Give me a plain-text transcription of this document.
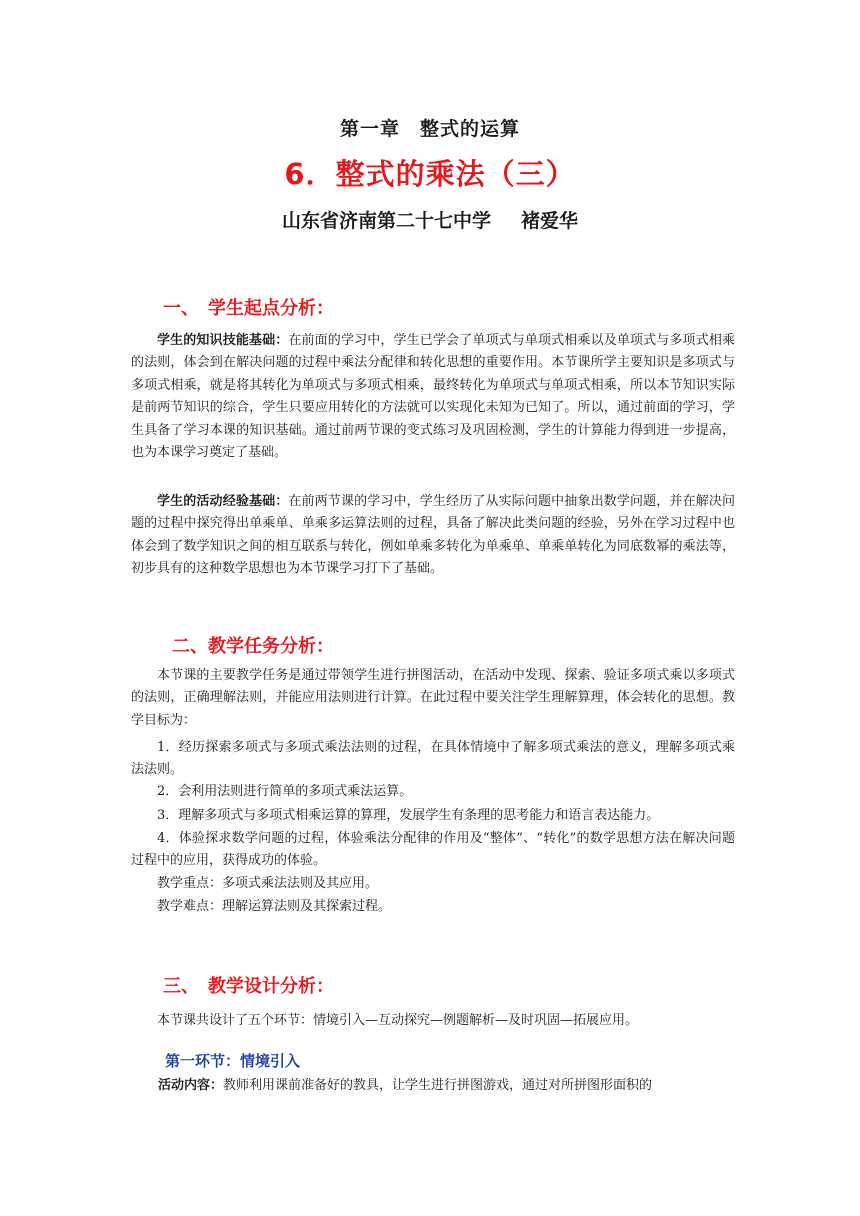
第一章　整式的运算
6．整式的乘法（三）
山东省济南第二十七中学 褚爱华
一、　学生起点分析：

学生的知识技能基础：在前面的学习中，学生已学会了单项式与单项式相乘以及单项式与多项式相乘的法则，体会到在解决问题的过程中乘法分配律和转化思想的重要作用。本节课所学主要知识是多项式与多项式相乘，就是将其转化为单项式与多项式相乘，最终转化为单项式与单项式相乘，所以本节知识实际是前两节知识的综合，学生只要应用转化的方法就可以实现化未知为已知了。所以，通过前面的学习，学生具备了学习本课的知识基础。通过前两节课的变式练习及巩固检测，学生的计算能力得到进一步提高，也为本课学习奠定了基础。

学生的活动经验基础：在前两节课的学习中，学生经历了从实际问题中抽象出数学问题，并在解决问题的过程中探究得出单乘单、单乘多运算法则的过程，具备了解决此类问题的经验，另外在学习过程中也体会到了数学知识之间的相互联系与转化，例如单乘多转化为单乘单、单乘单转化为同底数幂的乘法等，初步具有的这种数学思想也为本节课学习打下了基础。

二、教学任务分析：

本节课的主要教学任务是通过带领学生进行拼图活动，在活动中发现、探索、验证多项式乘以多项式的法则，正确理解法则，并能应用法则进行计算。在此过程中要关注学生理解算理，体会转化的思想。教学目标为：

1．经历探索多项式与多项式乘法法则的过程，在具体情境中了解多项式乘法的意义，理解多项式乘法法则。

2．会利用法则进行简单的多项式乘法运算。

3．理解多项式与多项式相乘运算的算理，发展学生有条理的思考能力和语言表达能力。

4．体验探求数学问题的过程，体验乘法分配律的作用及“整体”、“转化”的数学思想方法在解决问题过程中的应用，获得成功的体验。

教学重点：多项式乘法法则及其应用。

教学难点：理解运算法则及其探索过程。

三、　教学设计分析：

本节课共设计了五个环节：情境引入—互动探究—例题解析—及时巩固—拓展应用。

第一环节：情境引入

活动内容：教师利用课前准备好的教具，让学生进行拼图游戏，通过对所拼图形面积的
